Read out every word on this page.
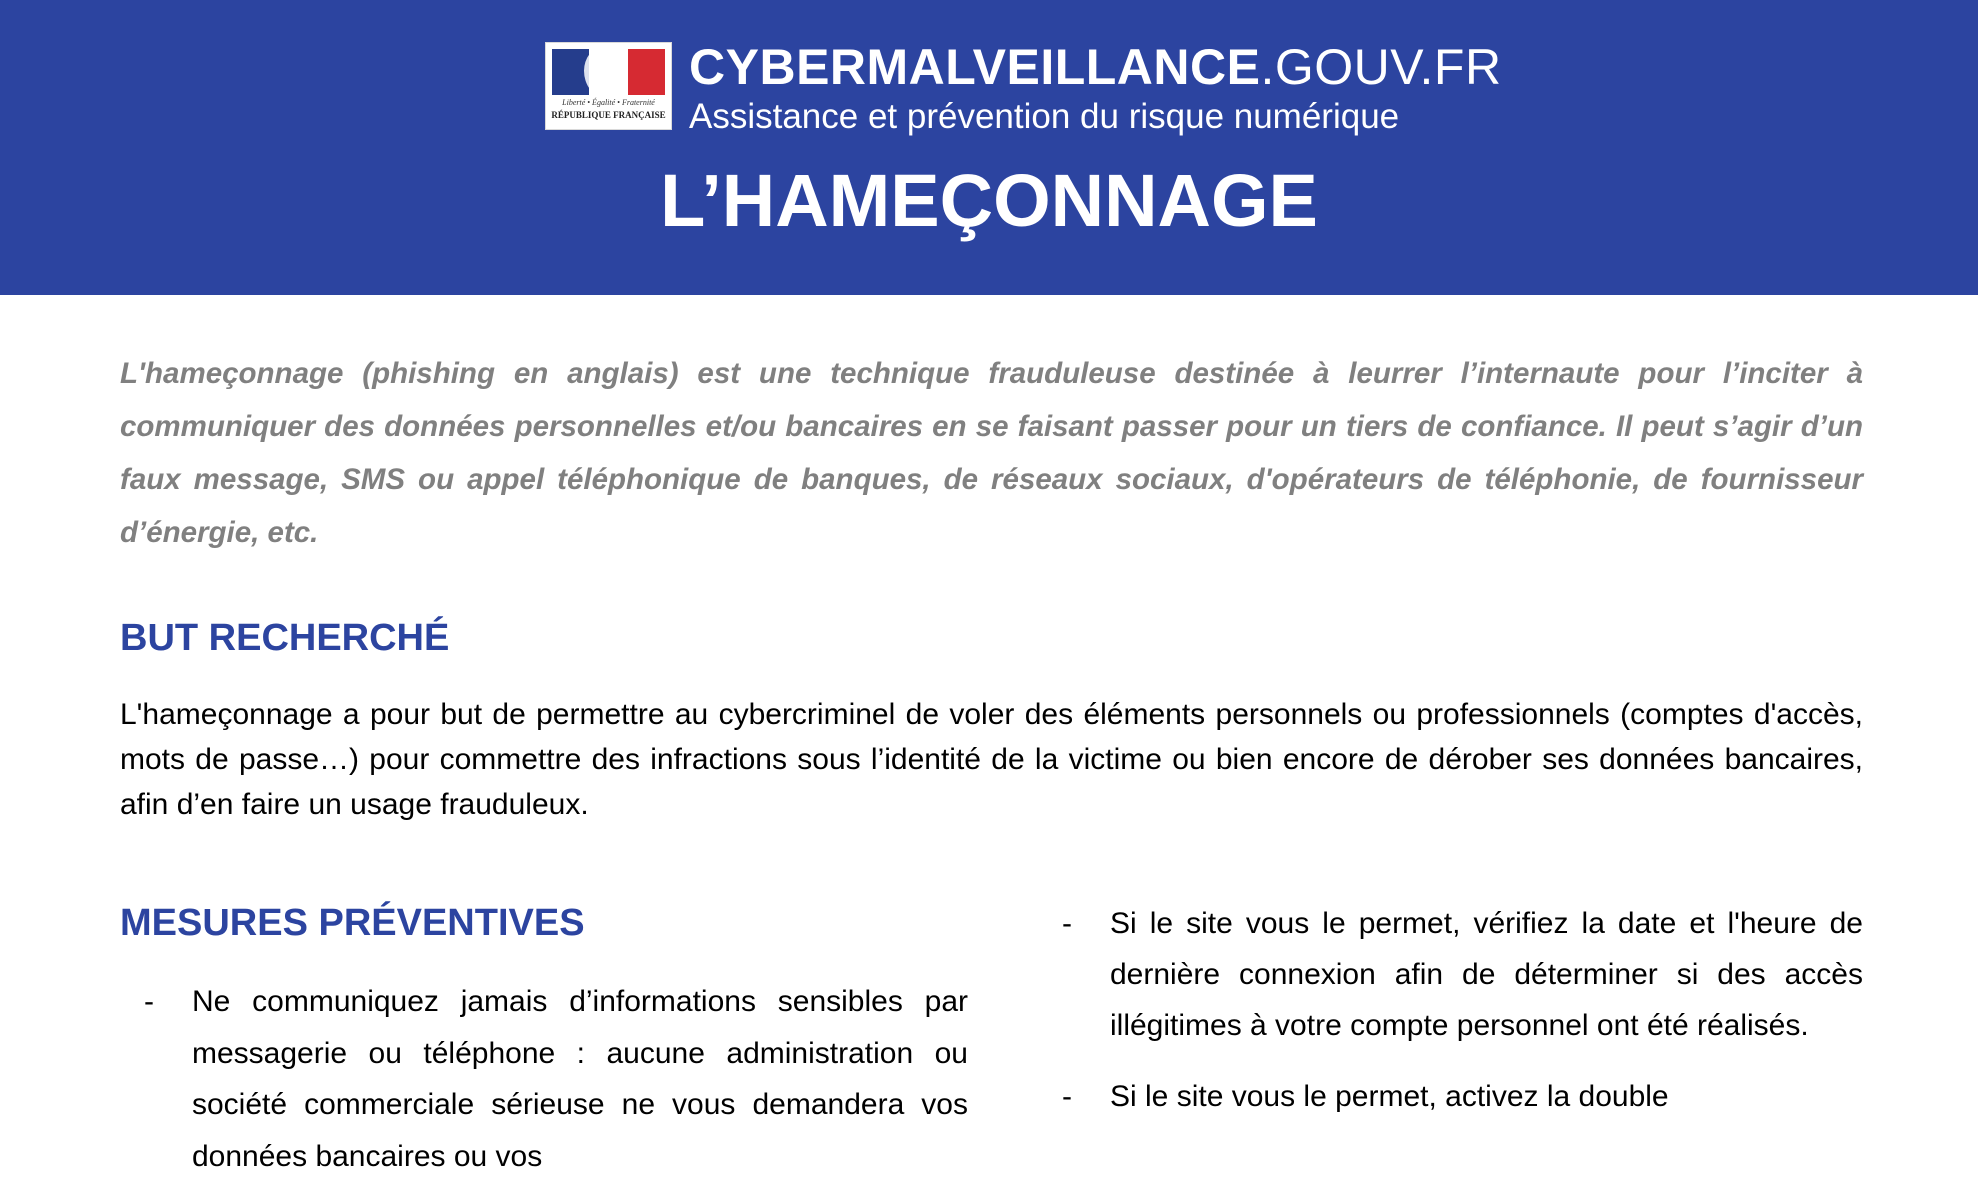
Liberté • Égalité • Fraternité
RÉPUBLIQUE FRANÇAISE
CYBERMALVEILLANCE.GOUV.FR
Assistance et prévention du risque numérique
L’HAMEÇONNAGE

L'hameçonnage (phishing en anglais) est une technique frauduleuse destinée à leurrer l’internaute pour l’inciter à communiquer des données personnelles et/ou bancaires en se faisant passer pour un tiers de confiance. Il peut s’agir d’un faux message, SMS ou appel téléphonique de banques, de réseaux sociaux, d'opérateurs de téléphonie, de fournisseur d’énergie, etc.

BUT RECHERCHÉ

L'hameçonnage a pour but de permettre au cybercriminel de voler des éléments personnels ou professionnels (comptes d'accès, mots de passe…) pour commettre des infractions sous l’identité de la victime ou bien encore de dérober ses données bancaires, afin d’en faire un usage frauduleux.

MESURES PRÉVENTIVES
- Ne communiquez jamais d’informations sensibles par messagerie ou téléphone : aucune administration ou société commerciale sérieuse ne vous demandera vos données bancaires ou vos
- Si le site vous le permet, vérifiez la date et l'heure de dernière connexion afin de déterminer si des accès illégitimes à votre compte personnel ont été réalisés.
- Si le site vous le permet, activez la double
